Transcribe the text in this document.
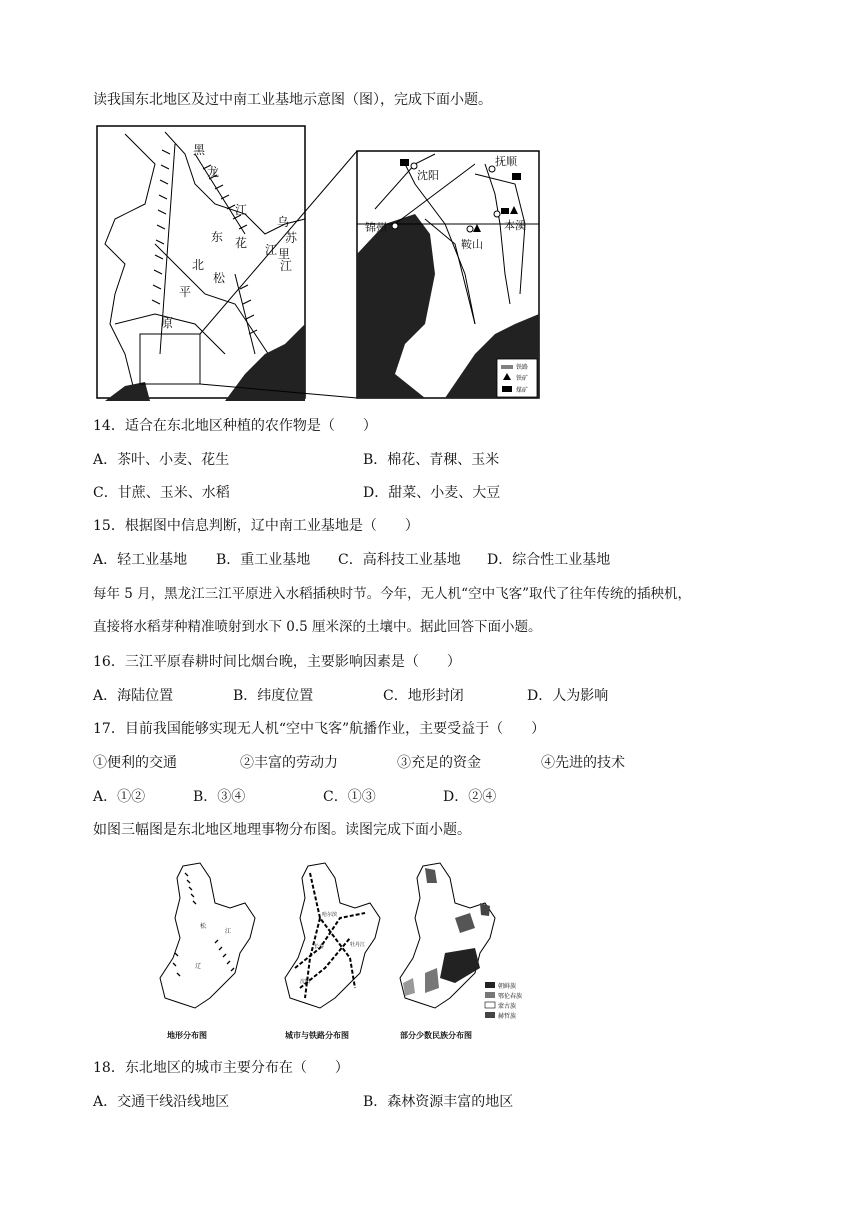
读我国东北地区及过中南工业基地示意图（图），完成下面小题。
黑
龙
江
东
北
平
原
乌
苏
里
江
松
花 江
沈阳
抚顺
锦州
鞍山
本溪
铁路
铁矿
煤矿
14．适合在东北地区种植的农作物是（　　）
A．茶叶、小麦、花生	B．棉花、青稞、玉米
C．甘蔗、玉米、水稻	D．甜菜、小麦、大豆
15．根据图中信息判断，辽中南工业基地是（　　）
A．轻工业基地 B．重工业基地 C．高科技工业基地 D．综合性工业基地
每年 5 月，黑龙江三江平原进入水稻插秧时节。今年，无人机“空中飞客”取代了往年传统的插秧机，
直接将水稻芽种精准喷射到水下 0.5 厘米深的土壤中。据此回答下面小题。
16．三江平原春耕时间比烟台晚，主要影响因素是（　　）
A．海陆位置	B．纬度位置	C．地形封闭	D．人为影响
17．目前我国能够实现无人机“空中飞客”航播作业，主要受益于（　　）
①便利的交通	②丰富的劳动力	③充足的资金	④先进的技术
A．①②	B．③④	C．①③	D．②④
如图三幅图是东北地区地理事物分布图。读图完成下面小题。
松
辽
江
地形分布图
哈尔滨
长春
沈阳
牡丹江
城市与铁路分布图
朝鲜族
鄂伦春族
蒙古族
赫哲族
部分少数民族分布图
18．东北地区的城市主要分布在（　　）
A．交通干线沿线地区	B．森林资源丰富的地区
